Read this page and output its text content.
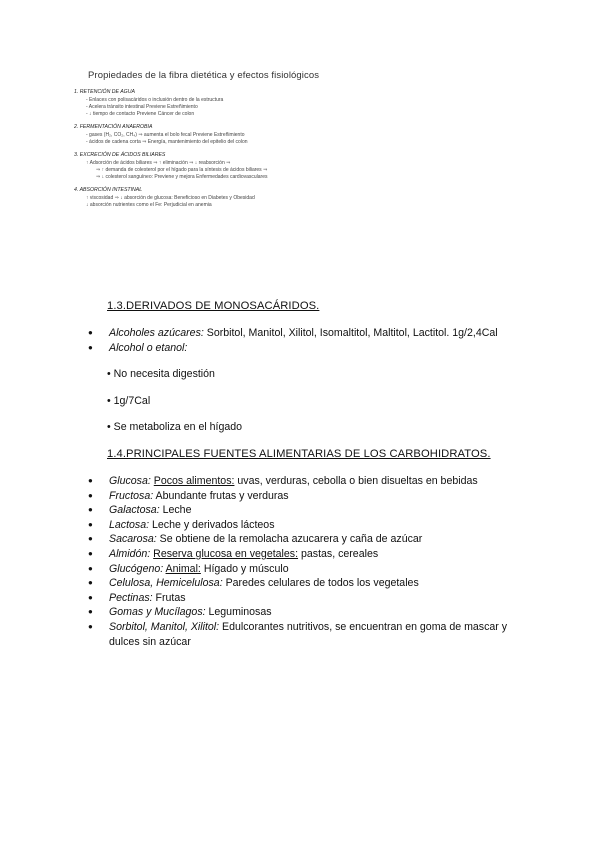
Propiedades de la fibra dietética y efectos fisiológicos
1. RETENCIÓN DE AGUA
- Enlaces con polisacáridos o inclusión dentro de la estructura
- Acelera tránsito intestinal Previene Estreñimiento
- ↓ tiempo de contacto Previene Cáncer de colon
2. FERMENTACIÓN ANAEROBIA
- gases (H₂, CO₂, CH₄) ⇒ aumenta el bolo fecal Previene Estreñimiento
- ácidos de cadena corta ⇒ Energía, mantenimiento del epitelio del colon
3. EXCRECIÓN DE ÁCIDOS BILIARES
↑ Adsorción de ácidos biliares ⇒ ↑ eliminación ⇒ ↓ reabsorción ⇒
⇒ ↑ demanda de colesterol por el hígado para la síntesis de ácidos biliares ⇒
⇒ ↓ colesterol sanguíneo: Previene y mejora Enfermedades cardiovasculares
4. ABSORCIÓN INTESTINAL
↑ viscosidad ⇒ ↓ absorción de glucosa: Beneficioso en Diabetes y Obesidad
↓ absorción nutrientes como el Fe: Perjudicial en anemia
1.3.DERIVADOS DE MONOSACÁRIDOS.
● Alcoholes azúcares: Sorbitol, Manitol, Xilitol, Isomaltitol, Maltitol, Lactitol. 1g/2,4Cal
● Alcohol o etanol:
• No necesita digestión
• 1g/7Cal
• Se metaboliza en el hígado
1.4.PRINCIPALES FUENTES ALIMENTARIAS DE LOS CARBOHIDRATOS.
● Glucosa: Pocos alimentos: uvas, verduras, cebolla o bien disueltas en bebidas
● Fructosa: Abundante frutas y verduras
● Galactosa: Leche
● Lactosa: Leche y derivados lácteos
● Sacarosa: Se obtiene de la remolacha azucarera y caña de azúcar
● Almidón: Reserva glucosa en vegetales: pastas, cereales
● Glucógeno: Animal: Hígado y músculo
● Celulosa, Hemicelulosa: Paredes celulares de todos los vegetales
● Pectinas: Frutas
● Gomas y Mucílagos: Leguminosas
● Sorbitol, Manitol, Xilitol: Edulcorantes nutritivos, se encuentran en goma de mascar y dulces sin azúcar
